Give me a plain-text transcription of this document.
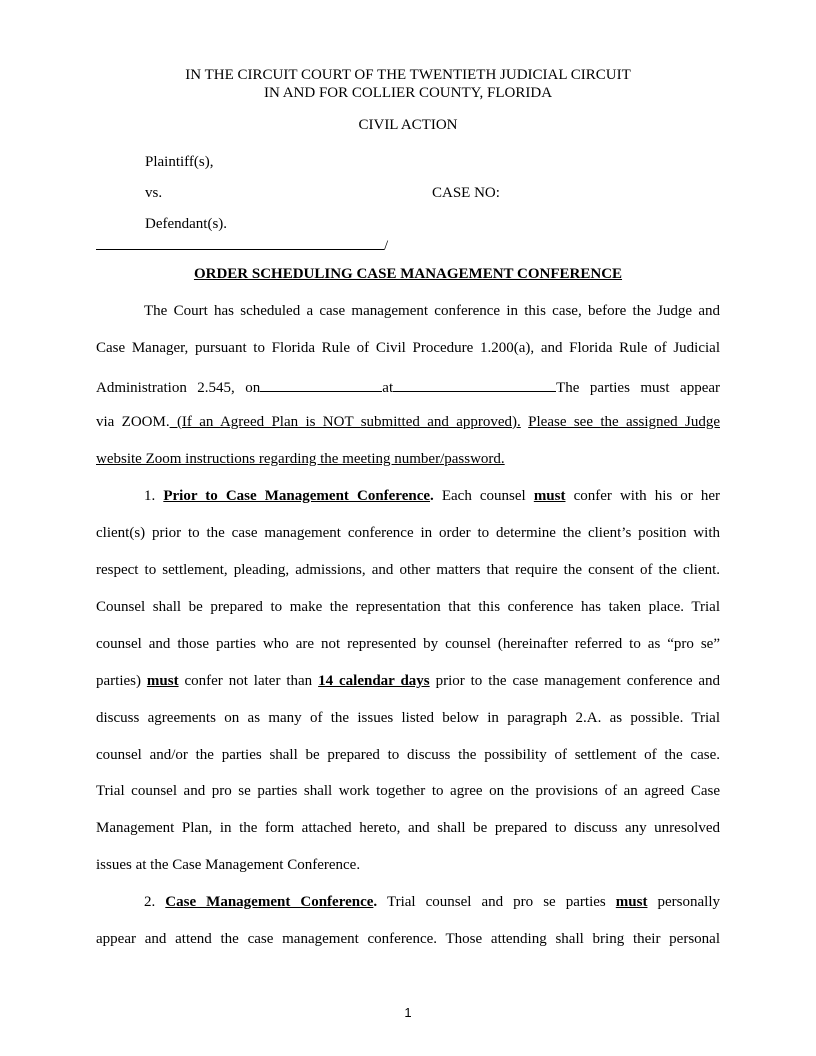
IN THE CIRCUIT COURT OF THE TWENTIETH JUDICIAL CIRCUIT
IN AND FOR COLLIER COUNTY, FLORIDA
CIVIL ACTION
Plaintiff(s),
vs.	CASE NO:
Defendant(s).
/
ORDER SCHEDULING CASE MANAGEMENT CONFERENCE
The Court has scheduled a case management conference in this case, before the Judge and
Case Manager, pursuant to Florida Rule of Civil Procedure 1.200(a), and Florida Rule of Judicial
Administration 2.545, on	at	The parties must appear
via ZOOM. (If an Agreed Plan is NOT submitted and approved). Please see the assigned Judge
website Zoom instructions regarding the meeting number/password.
1. Prior to Case Management Conference. Each counsel must confer with his or her
client(s) prior to the case management conference in order to determine the client’s position with
respect to settlement, pleading, admissions, and other matters that require the consent of the client.
Counsel shall be prepared to make the representation that this conference has taken place. Trial
counsel and those parties who are not represented by counsel (hereinafter referred to as “pro se”
parties) must confer not later than 14 calendar days prior to the case management conference and
discuss agreements on as many of the issues listed below in paragraph 2.A. as possible. Trial
counsel and/or the parties shall be prepared to discuss the possibility of settlement of the case.
Trial counsel and pro se parties shall work together to agree on the provisions of an agreed Case
Management Plan, in the form attached hereto, and shall be prepared to discuss any unresolved
issues at the Case Management Conference.
2. Case Management Conference. Trial counsel and pro se parties must personally
appear and attend the case management conference. Those attending shall bring their personal
1
